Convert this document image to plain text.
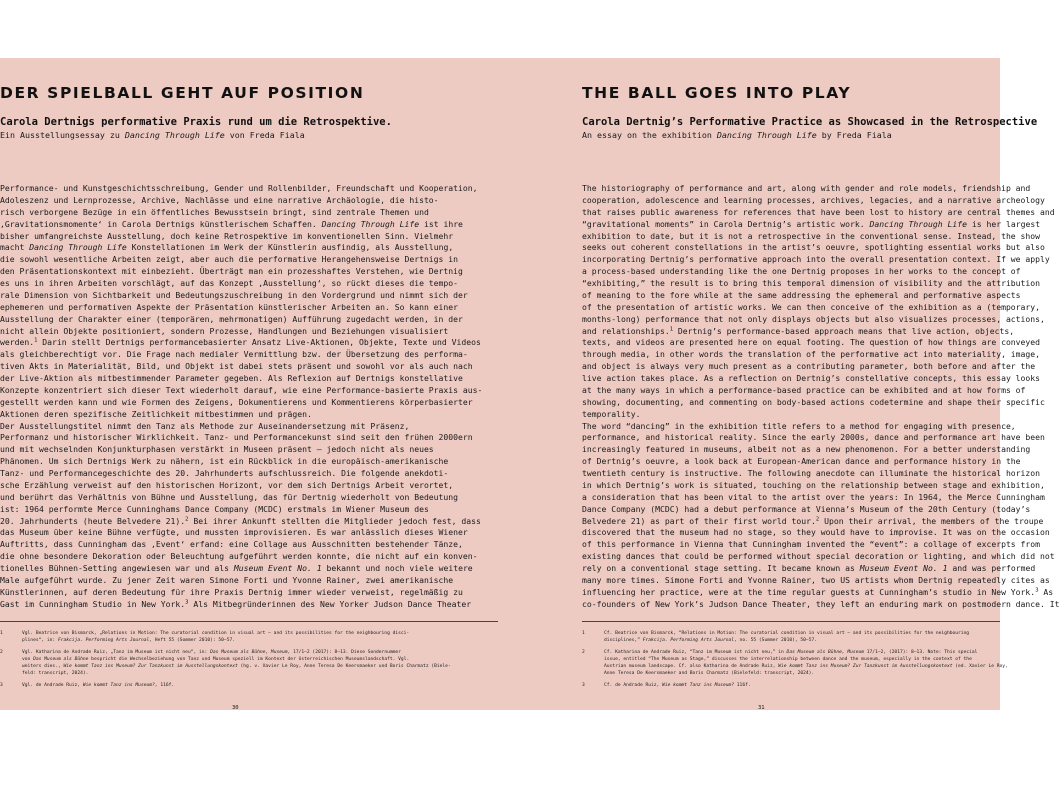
DER SPIELBALL GEHT AUF POSITION
Carola Dertnigs performative Praxis rund um die Retrospektive.

Ein Ausstellungsessay zu Dancing Through Life von Freda Fiala

Performance- und Kunstgeschichtsschreibung, Gender und Rollenbilder, Freundschaft und Kooperation,
Adoleszenz und Lernprozesse, Archive, Nachlässe und eine narrative Archäologie, die histo-
risch verborgene Bezüge in ein öffentliches Bewusstsein bringt, sind zentrale Themen und
‚Gravitationsmomente‘ in Carola Dertnigs künstlerischem Schaffen. Dancing Through Life ist ihre
bisher umfangreichste Ausstellung, doch keine Retrospektive im konventionellen Sinn. Vielmehr
macht Dancing Through Life Konstellationen im Werk der Künstlerin ausfindig, als Ausstellung,
die sowohl wesentliche Arbeiten zeigt, aber auch die performative Herangehensweise Dertnigs in
den Präsentationskontext mit einbezieht. Überträgt man ein prozesshaftes Verstehen, wie Dertnig
es uns in ihren Arbeiten vorschlägt, auf das Konzept ‚Ausstellung‘, so rückt dieses die tempo-
rale Dimension von Sichtbarkeit und Bedeutungszuschreibung in den Vordergrund und nimmt sich der
ephemeren und performativen Aspekte der Präsentation künstlerischer Arbeiten an. So kann einer
Ausstellung der Charakter einer (temporären, mehrmonatigen) Aufführung zugedacht werden, in der
nicht allein Objekte positioniert, sondern Prozesse, Handlungen und Beziehungen visualisiert
werden.$^1$ Darin stellt Dertnigs performancebasierter Ansatz Live-Aktionen, Objekte, Texte und Videos
als gleichberechtigt vor. Die Frage nach medialer Vermittlung bzw. der Übersetzung des performa-
tiven Akts in Materialität, Bild, und Objekt ist dabei stets präsent und sowohl vor als auch nach
der Live-Aktion als mitbestimmender Parameter gegeben. Als Reflexion auf Dertnigs konstellative
Konzepte konzentriert sich dieser Text wiederholt darauf, wie eine Performance-basierte Praxis aus-
gestellt werden kann und wie Formen des Zeigens, Dokumentierens und Kommentierens körperbasierter
Aktionen deren spezifische Zeitlichkeit mitbestimmen und prägen.
Der Ausstellungstitel nimmt den Tanz als Methode zur Auseinandersetzung mit Präsenz,
Performanz und historischer Wirklichkeit. Tanz- und Performancekunst sind seit den frühen 2000ern
und mit wechselnden Konjunkturphasen verstärkt in Museen präsent – jedoch nicht als neues
Phänomen. Um sich Dertnigs Werk zu nähern, ist ein Rückblick in die europäisch-amerikanische
Tanz- und Performancegeschichte des 20. Jahrhunderts aufschlussreich. Die folgende anekdoti-
sche Erzählung verweist auf den historischen Horizont, vor dem sich Dertnigs Arbeit verortet,
und berührt das Verhältnis von Bühne und Ausstellung, das für Dertnig wiederholt von Bedeutung
ist: 1964 performte Merce Cunninghams Dance Company (MCDC) erstmals im Wiener Museum des
20. Jahrhunderts (heute Belvedere 21).$^2$ Bei ihrer Ankunft stellten die Mitglieder jedoch fest, dass
das Museum über keine Bühne verfügte, und mussten improvisieren. Es war anlässlich dieses Wiener
Auftritts, dass Cunningham das ‚Event‘ erfand: eine Collage aus Ausschnitten bestehender Tänze,
die ohne besondere Dekoration oder Beleuchtung aufgeführt werden konnte, die nicht auf ein konven-
tionelles Bühnen-Setting angewiesen war und als Museum Event No. 1 bekannt und noch viele weitere
Male aufgeführt wurde. Zu jener Zeit waren Simone Forti und Yvonne Rainer, zwei amerikanische
Künstlerinnen, auf deren Bedeutung für ihre Praxis Dertnig immer wieder verweist, regelmäßig zu
Gast im Cunningham Studio in New York.$^3$ Als Mitbegründerinnen des New Yorker Judson Dance Theater
1	Vgl. Beatrice von Bismarck, „Relations in Motion: The curatorial condition in visual art – and its possibilities for the neighbouring disci-
plines“, in: Frakcija. Performing Arts Journal, Heft 55 (Sommer 2010): 50–57.
2	Vgl. Katharina de Andrade Ruiz, „Tanz im Museum ist nicht neu“, in: Das Museum als Bühne, Museum, 17/1–2 (2017): 8–13. Diese Sondernummer
von Das Museum als Bühne bespricht die Wechselbeziehung von Tanz und Museum speziell im Kontext der österreichischen Museumslandschaft. Vgl.
weiters dies., Wie kommt Tanz ins Museum? Zur Tanzkunst im Ausstellungskontext (hg. v. Xavier Le Roy, Anne Teresa De Keersmaeker und Boris Charmatz (Biele-
feld: transcript, 2024).
3	Vgl. de Andrade Ruiz, Wie kommt Tanz ins Museum?, 116f.
30
THE BALL GOES INTO PLAY
Carola Dertnig’s Performative Practice as Showcased in the Retrospective

An essay on the exhibition Dancing Through Life by Freda Fiala

The historiography of performance and art, along with gender and role models, friendship and
cooperation, adolescence and learning processes, archives, legacies, and a narrative archeology
that raises public awareness for references that have been lost to history are central themes and
“gravitational moments” in Carola Dertnig’s artistic work. Dancing Through Life is her largest
exhibition to date, but it is not a retrospective in the conventional sense. Instead, the show
seeks out coherent constellations in the artist’s oeuvre, spotlighting essential works but also
incorporating Dertnig’s performative approach into the overall presentation context. If we apply
a process-based understanding like the one Dertnig proposes in her works to the concept of
“exhibiting,” the result is to bring this temporal dimension of visibility and the attribution
of meaning to the fore while at the same addressing the ephemeral and performative aspects
of the presentation of artistic works. We can then conceive of the exhibition as a (temporary,
months-long) performance that not only displays objects but also visualizes processes, actions,
and relationships.$^1$ Dertnig’s performance-based approach means that live action, objects,
texts, and videos are presented here on equal footing. The question of how things are conveyed
through media, in other words the translation of the performative act into materiality, image,
and object is always very much present as a contributing parameter, both before and after the
live action takes place. As a reflection on Dertnig’s constellative concepts, this essay looks
at the many ways in which a performance-based practice can be exhibited and at how forms of
showing, documenting, and commenting on body-based actions codetermine and shape their specific
temporality.
The word “dancing” in the exhibition title refers to a method for engaging with presence,
performance, and historical reality. Since the early 2000s, dance and performance art have been
increasingly featured in museums, albeit not as a new phenomenon. For a better understanding
of Dertnig’s oeuvre, a look back at European-American dance and performance history in the
twentieth century is instructive. The following anecdote can illuminate the historical horizon
in which Dertnig’s work is situated, touching on the relationship between stage and exhibition,
a consideration that has been vital to the artist over the years: In 1964, the Merce Cunningham
Dance Company (MCDC) had a debut performance at Vienna’s Museum of the 20th Century (today’s
Belvedere 21) as part of their first world tour.$^2$ Upon their arrival, the members of the troupe
discovered that the museum had no stage, so they would have to improvise. It was on the occasion
of this performance in Vienna that Cunningham invented the “event”: a collage of excerpts from
existing dances that could be performed without special decoration or lighting, and which did not
rely on a conventional stage setting. It became known as Museum Event No. 1 and was performed
many more times. Simone Forti and Yvonne Rainer, two US artists whom Dertnig repeatedly cites as
influencing her practice, were at the time regular guests at Cunningham’s studio in New York.$^3$ As
co-founders of New York’s Judson Dance Theater, they left an enduring mark on postmodern dance. It
1	Cf. Beatrice von Bismarck, “Relations in Motion: The curatorial condition in visual art – and its possibilities for the neighbouring
disciplines,” Frakcija. Performing Arts Journal, no. 55 (Summer 2010), 50–57.
2	Cf. Katharina de Andrade Ruiz, “Tanz im Museum ist nicht neu,” in Das Museum als Bühne, Museum 17/1–2, (2017): 8–13. Note: This special
issue, entitled “The Museum as Stage,” discusses the interrelationship between dance and the museum, especially in the context of the
Austrian museum landscape. Cf. also Katharina de Andrade Ruiz, Wie kommt Tanz ins Museum? Zur Tanzkunst im Ausstellungskontext (ed. Xavier Le Roy,
Anne Teresa De Keersmaeker and Boris Charmatz (Bielefeld: transcript, 2024).
3	Cf. de Andrade Ruiz, Wie kommt Tanz ins Museum? 116f.
31
